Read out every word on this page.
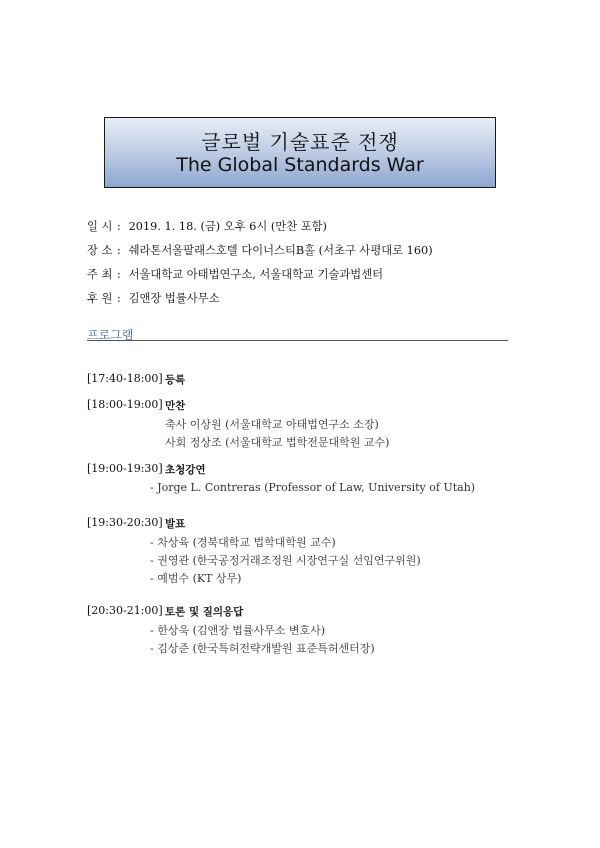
글로벌 기술표준 전쟁
The Global Standards War
일 시 : 2019. 1. 18. (금) 오후 6시 (만찬 포함)
장 소 : 쉐라톤서울팔래스호텔 다이너스티B홀 (서초구 사평대로 160)
주 최 : 서울대학교 아태법연구소, 서울대학교 기술과법센터
후 원 : 김앤장 법률사무소
프로그램
[17:40-18:00] 등록
[18:00-19:00] 만찬
축사 이상원 (서울대학교 아태법연구소 소장)
사회 정상조 (서울대학교 법학전문대학원 교수)
[19:00-19:30] 초청강연
- Jorge L. Contreras (Professor of Law, University of Utah)
[19:30-20:30] 발표
- 차상육 (경북대학교 법학대학원 교수)
- 권영관 (한국공정거래조정원 시장연구실 선임연구위원)
- 예범수 (KT 상무)
[20:30-21:00] 토론 및 질의응답
- 한상욱 (김앤장 법률사무소 변호사)
- 김상준 (한국특허전략개발원 표준특허센터장)
